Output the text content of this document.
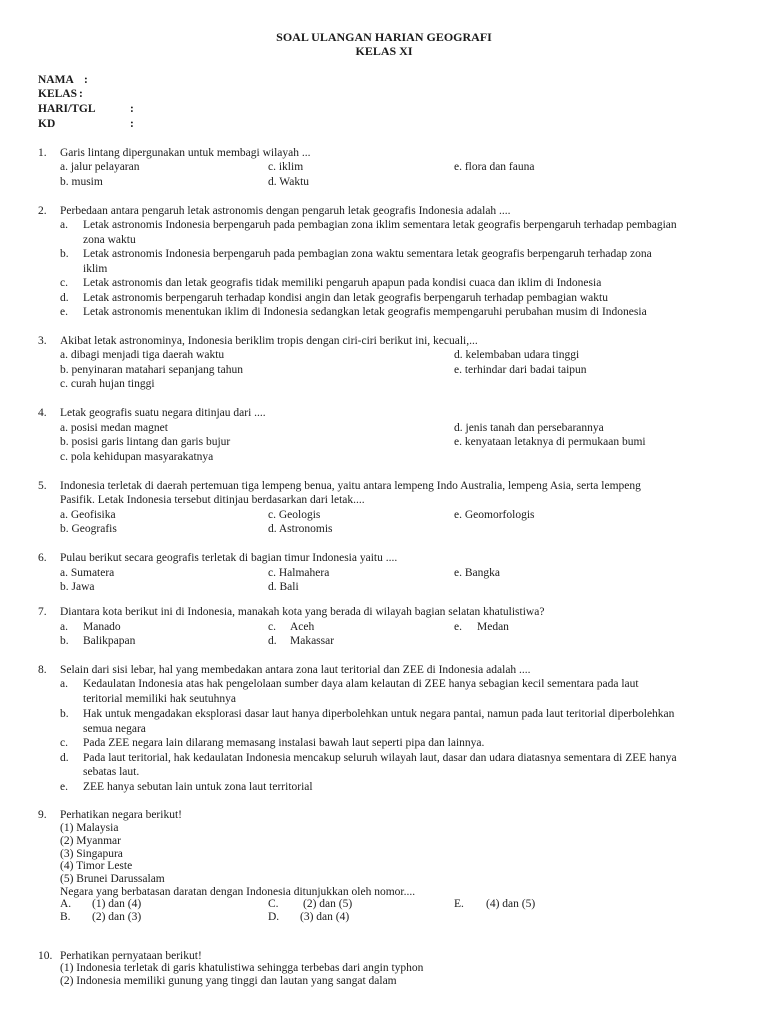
SOAL ULANGAN HARIAN GEOGRAFI
KELAS XI
NAMA :
KELAS :
HARI/TGL	:
KD	:
1. Garis lintang dipergunakan untuk membagi wilayah ...
a. jalur pelayaran
b. musim
c. iklim
d. Waktu
e. flora dan fauna
2. Perbedaan antara pengaruh letak astronomis dengan pengaruh letak geografis Indonesia adalah ....
a. Letak astronomis Indonesia berpengaruh pada pembagian zona iklim sementara letak geografis berpengaruh terhadap pembagian
zona waktu
b. Letak astronomis Indonesia berpengaruh pada pembagian zona waktu sementara letak geografis berpengaruh terhadap zona
iklim
c. Letak astronomis dan letak geografis tidak memiliki pengaruh apapun pada kondisi cuaca dan iklim di Indonesia
d. Letak astronomis berpengaruh terhadap kondisi angin dan letak geografis berpengaruh terhadap pembagian waktu
e. Letak astronomis menentukan iklim di Indonesia sedangkan letak geografis mempengaruhi perubahan musim di Indonesia
3. Akibat letak astronominya, Indonesia beriklim tropis dengan ciri-ciri berikut ini, kecuali,...
a. dibagi menjadi tiga daerah waktu
b. penyinaran matahari sepanjang tahun
c. curah hujan tinggi
d. kelembaban udara tinggi
e. terhindar dari badai taipun
4. Letak geografis suatu negara ditinjau dari ....
a. posisi medan magnet
b. posisi garis lintang dan garis bujur
c. pola kehidupan masyarakatnya
d. jenis tanah dan persebarannya
e. kenyataan letaknya di permukaan bumi
5. Indonesia terletak di daerah pertemuan tiga lempeng benua, yaitu antara lempeng Indo Australia, lempeng Asia, serta lempeng
Pasifik. Letak Indonesia tersebut ditinjau berdasarkan dari letak....
a. Geofisika
b. Geografis
c. Geologis
d. Astronomis
e. Geomorfologis
6. Pulau berikut secara geografis terletak di bagian timur Indonesia yaitu ....
a. Sumatera
b. Jawa
c. Halmahera
d. Bali
e. Bangka
7. Diantara kota berikut ini di Indonesia, manakah kota yang berada di wilayah bagian selatan khatulistiwa?
a. Manado
b. Balikpapan
c. Aceh
d. Makassar
e. Medan
8. Selain dari sisi lebar, hal yang membedakan antara zona laut teritorial dan ZEE di Indonesia adalah ....
a. Kedaulatan Indonesia atas hak pengelolaan sumber daya alam kelautan di ZEE hanya sebagian kecil sementara pada laut
teritorial memiliki hak seutuhnya
b. Hak untuk mengadakan eksplorasi dasar laut hanya diperbolehkan untuk negara pantai, namun pada laut teritorial diperbolehkan
semua negara
c. Pada ZEE negara lain dilarang memasang instalasi bawah laut seperti pipa dan lainnya.
d. Pada laut teritorial, hak kedaulatan Indonesia mencakup seluruh wilayah laut, dasar dan udara diatasnya sementara di ZEE hanya
sebatas laut.
e. ZEE hanya sebutan lain untuk zona laut territorial
9. Perhatikan negara berikut!
(1) Malaysia
(2) Myanmar
(3) Singapura
(4) Timor Leste
(5) Brunei Darussalam
Negara yang berbatasan daratan dengan Indonesia ditunjukkan oleh nomor....
A. (1) dan (4)
B. (2) dan (3)
C. (2) dan (5)
D. (3) dan (4)
E. (4) dan (5)
10. Perhatikan pernyataan berikut!
(1) Indonesia terletak di garis khatulistiwa sehingga terbebas dari angin typhon
(2) Indonesia memiliki gunung yang tinggi dan lautan yang sangat dalam
